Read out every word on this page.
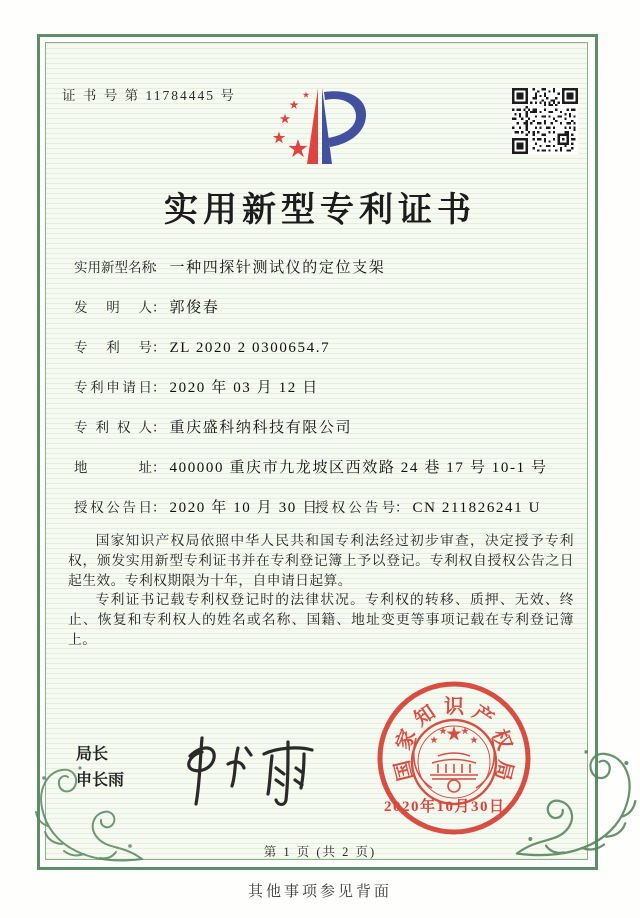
证 书 号 第 11784445 号
实用新型专利证书
实用新型名称： 一种四探针测试仪的定位支架
发明人： 郭俊春
专利号： ZL 2020 2 0300654.7
专利申请日： 2020 年 03 月 12 日
专利权人： 重庆盛科纳科技有限公司
地址： 400000 重庆市九龙坡区西效路 24 巷 17 号 10-1 号
授权公告日： 2020 年 10 月 30 日
授权公告号： CN 211826241 U

国家知识产权局依照中华人民共和国专利法经过初步审查，决定授予专利权，颁发实用新型专利证书并在专利登记簿上予以登记。专利权自授权公告之日起生效。专利权期限为十年，自申请日起算。

专利证书记载专利权登记时的法律状况。专利权的转移、质押、无效、终止、恢复和专利权人的姓名或名称、国籍、地址变更等事项记载在专利登记簿上。

局长
申长雨	国
家
知 识 产
权
局
2020年10月30日
第 1 页 (共 2 页)
其他事项参见背面
